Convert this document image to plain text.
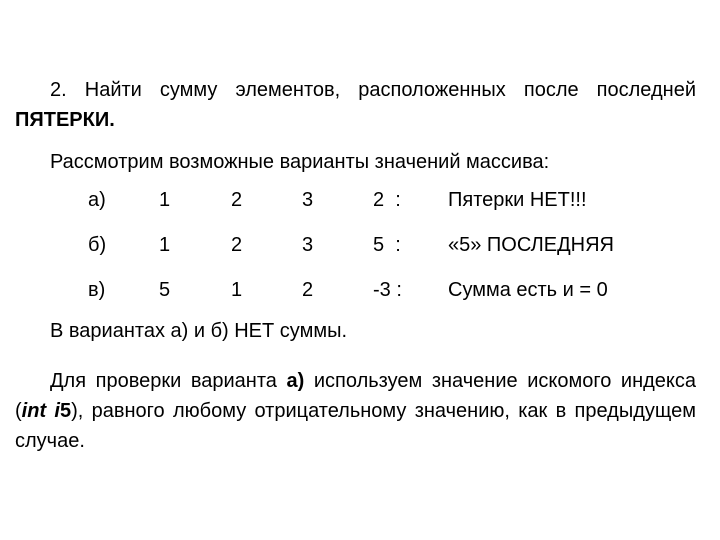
2. Найти сумму элементов, расположенных после последней ПЯТЕРКИ.

Рассмотрим возможные варианты значений массива:

а)	1	2	3	2  : Пятерки НЕТ!!!
б)	1	2	3	5  : «5» ПОСЛЕДНЯЯ
в)	5	1	2	-3 : Сумма есть и = 0

В вариантах а) и б) НЕТ суммы.

Для проверки варианта а) используем значение искомого индекса (int i5), равного любому отрицательному значению, как в предыдущем случае.
